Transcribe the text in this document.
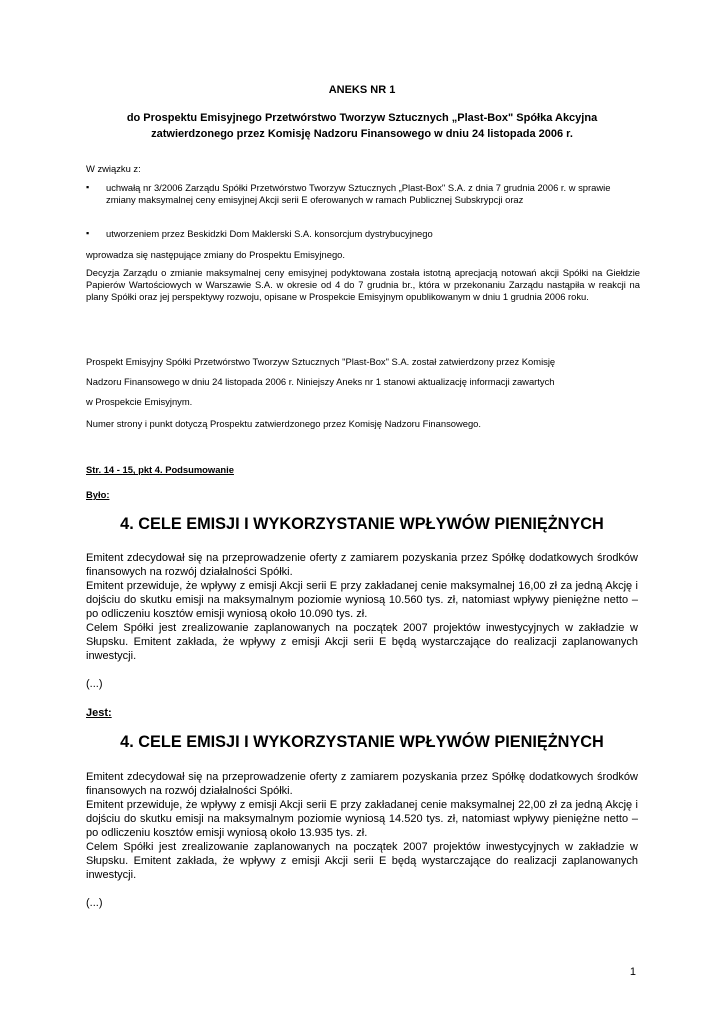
ANEKS NR 1
do Prospektu Emisyjnego Przetwórstwo Tworzyw Sztucznych „Plast-Box" Spółka Akcyjna
zatwierdzonego przez Komisję Nadzoru Finansowego w dniu 24 listopada 2006 r.
W związku z:
▪	uchwałą nr 3/2006 Zarządu Spółki Przetwórstwo Tworzyw Sztucznych „Plast-Box" S.A. z dnia 7 grudnia 2006 r. w sprawie zmiany maksymalnej ceny emisyjnej Akcji serii E oferowanych w ramach Publicznej Subskrypcji oraz
▪	utworzeniem przez Beskidzki Dom Maklerski S.A. konsorcjum dystrybucyjnego
wprowadza się następujące zmiany do Prospektu Emisyjnego.
Decyzja Zarządu o zmianie maksymalnej ceny emisyjnej podyktowana została istotną aprecjacją notowań akcji Spółki na Giełdzie Papierów Wartościowych w Warszawie S.A. w okresie od 4 do 7 grudnia br., która w przekonaniu Zarządu nastąpiła w reakcji na plany Spółki oraz jej perspektywy rozwoju, opisane w Prospekcie Emisyjnym opublikowanym w dniu 1 grudnia 2006 roku.
Prospekt Emisyjny Spółki Przetwórstwo Tworzyw Sztucznych "Plast-Box" S.A. został zatwierdzony przez Komisję
Nadzoru Finansowego w dniu 24 listopada 2006 r. Niniejszy Aneks nr 1 stanowi aktualizację informacji zawartych
w Prospekcie Emisyjnym.
Numer strony i punkt dotyczą Prospektu zatwierdzonego przez Komisję Nadzoru Finansowego.
Str. 14 - 15, pkt 4. Podsumowanie
Było:
4. CELE EMISJI I WYKORZYSTANIE WPŁYWÓW PIENIĘŻNYCH
Emitent zdecydował się na przeprowadzenie oferty z zamiarem pozyskania przez Spółkę dodatkowych środków finansowych na rozwój działalności Spółki.
Emitent przewiduje, że wpływy z emisji Akcji serii E przy zakładanej cenie maksymalnej 16,00 zł za jedną Akcję i dojściu do skutku emisji na maksymalnym poziomie wyniosą 10.560 tys. zł, natomiast wpływy pieniężne netto – po odliczeniu kosztów emisji wyniosą około 10.090 tys. zł.
Celem Spółki jest zrealizowanie zaplanowanych na początek 2007 projektów inwestycyjnych w zakładzie w Słupsku. Emitent zakłada, że wpływy z emisji Akcji serii E będą wystarczające do realizacji zaplanowanych inwestycji.
(...)
Jest:
4. CELE EMISJI I WYKORZYSTANIE WPŁYWÓW PIENIĘŻNYCH
Emitent zdecydował się na przeprowadzenie oferty z zamiarem pozyskania przez Spółkę dodatkowych środków finansowych na rozwój działalności Spółki.
Emitent przewiduje, że wpływy z emisji Akcji serii E przy zakładanej cenie maksymalnej 22,00 zł za jedną Akcję i dojściu do skutku emisji na maksymalnym poziomie wyniosą 14.520 tys. zł, natomiast wpływy pieniężne netto – po odliczeniu kosztów emisji wyniosą około 13.935 tys. zł.
Celem Spółki jest zrealizowanie zaplanowanych na początek 2007 projektów inwestycyjnych w zakładzie w Słupsku. Emitent zakłada, że wpływy z emisji Akcji serii E będą wystarczające do realizacji zaplanowanych inwestycji.
(...)
1
